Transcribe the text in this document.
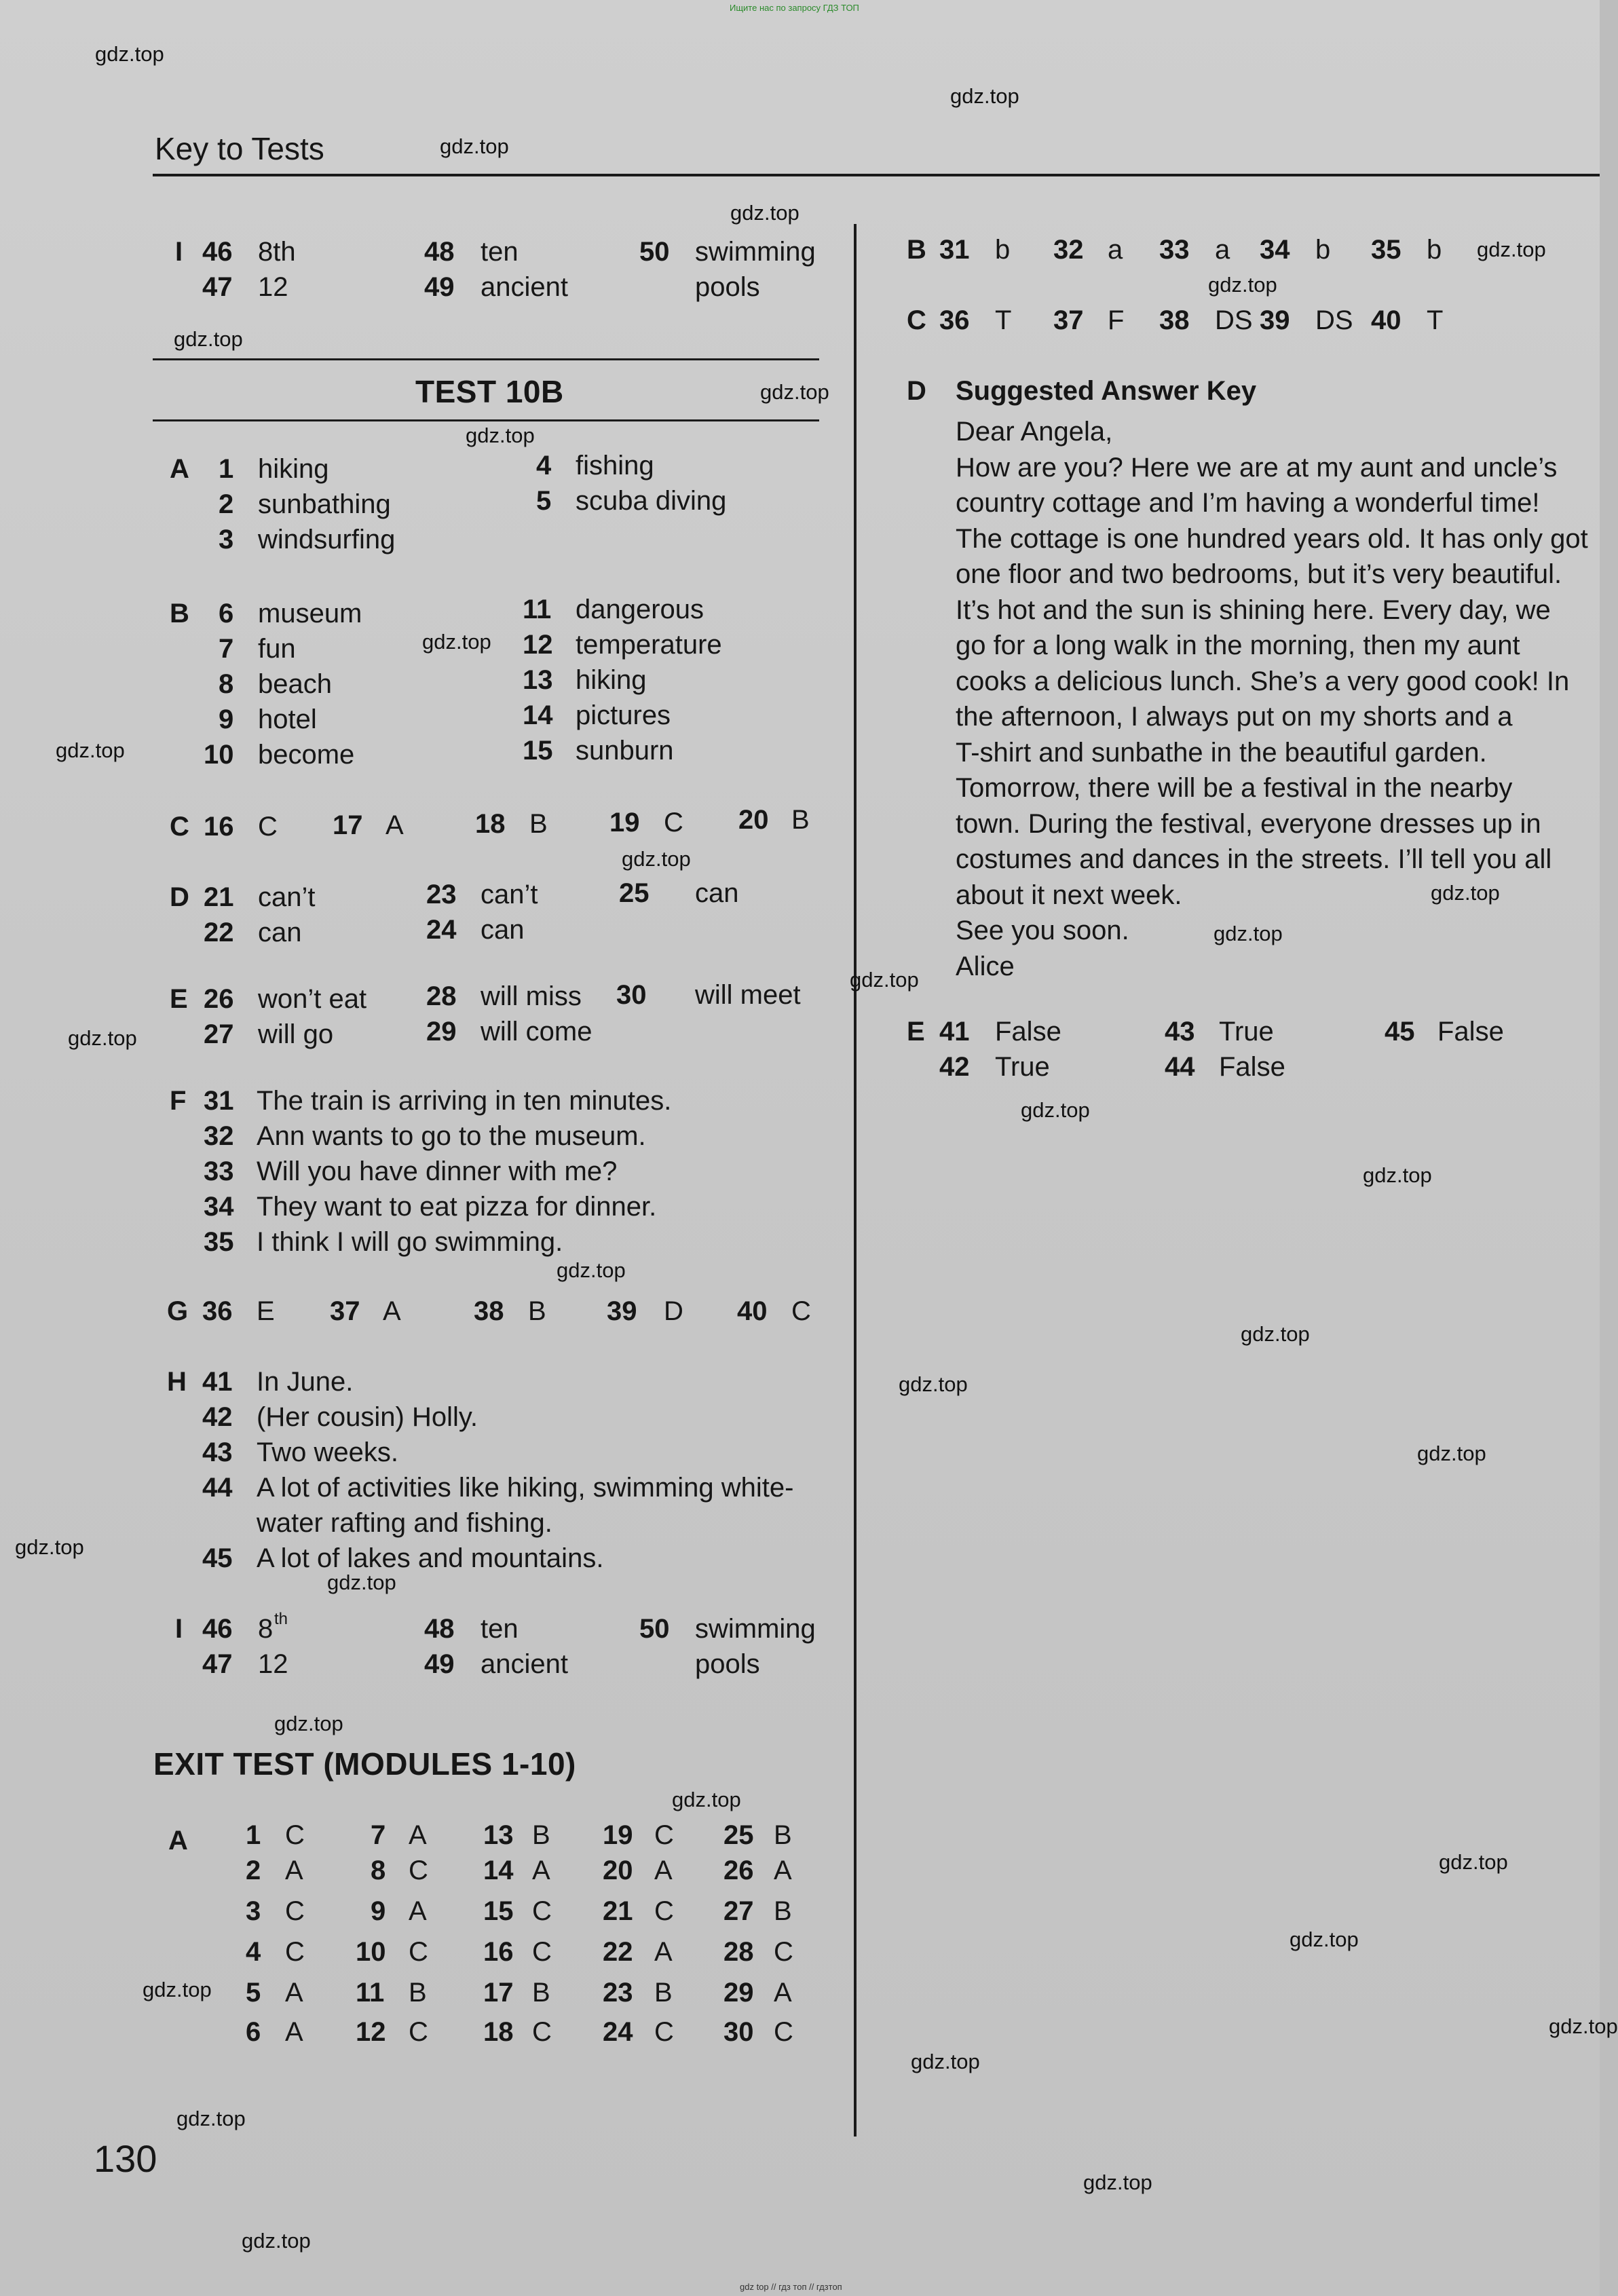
Ищите нас по запросу ГДЗ ТОП
Key to Tests
I 46 8th	48 ten	50 swimming
47 12	49 ancient	pools
TEST 10B
A 1 hiking	4 fishing
2 sunbathing	5 scuba diving
3 windsurfing
B 6 museum	11 dangerous
7 fun	12 temperature
8 beach	13 hiking
9 hotel	14 pictures
10 become	15 sunburn
C 16 C 17 A	18 B 19 C 20 B
D 21 can’t	23 can’t	25 can
22 can	24 can
E 26 won’t eat 28 will miss 30 will meet
27 will go	29 will come
F 31 The train is arriving in ten minutes.
32 Ann wants to go to the museum.
33 Will you have dinner with me?
34 They want to eat pizza for dinner.
35 I think I will go swimming.
G 36 E 37 A	38 B 39 D 40 C
H 41 In June.
42 (Her cousin) Holly.
43 Two weeks.
44 A lot of activities like hiking, swimming white-
water rafting and fishing.
45 A lot of lakes and mountains.
I 46 8 th	48 ten	50 swimming
47 12	49 ancient	pools
EXIT TEST (MODULES 1-10)
A 1 C 7 A 13 B 19 C 25 B
2 A 8 C 14 A 20 A 26 A
3 C 9 A 15 C 21 C 27 B
4 C 10 C 16 C 22 A 28 C
5 A 11 B 17 B 23 B 29 A
6 A 12 C 18 C 24 C 30 C
B 31 b 32 a 33 a 34 b 35 b
C 36 T 37 F 38 DS 39 DS 40 T
D Suggested Answer Key
Dear Angela,
How are you? Here we are at my aunt and uncle’s
country cottage and I’m having a wonderful time!
The cottage is one hundred years old. It has only got
one floor and two bedrooms, but it’s very beautiful.
It’s hot and the sun is shining here. Every day, we
go for a long walk in the morning, then my aunt
cooks a delicious lunch. She’s a very good cook! In
the afternoon, I always put on my shorts and a
T-shirt and sunbathe in the beautiful garden.
Tomorrow, there will be a festival in the nearby
town. During the festival, everyone dresses up in
costumes and dances in the streets. I’ll tell you all
about it next week.
See you soon.
Alice
E 41 False	43 True	45 False
42 True	44 False
130
gdz.top
gdz.top
gdz.top
gdz.top
gdz.top
gdz.top
gdz.top
gdz.top
gdz.top
gdz.top
gdz.top
gdz.top
gdz.top
gdz.top
gdz.top
gdz.top
gdz.top
gdz.top
gdz.top
gdz.top
gdz.top
gdz.top
gdz.top
gdz.top
gdz.top
gdz.top
gdz.top
gdz.top
gdz.top
gdz.top
gdz.top
gdz.top
gdz.top
gdz.top
gdz top // гдз топ // гдзтоп
